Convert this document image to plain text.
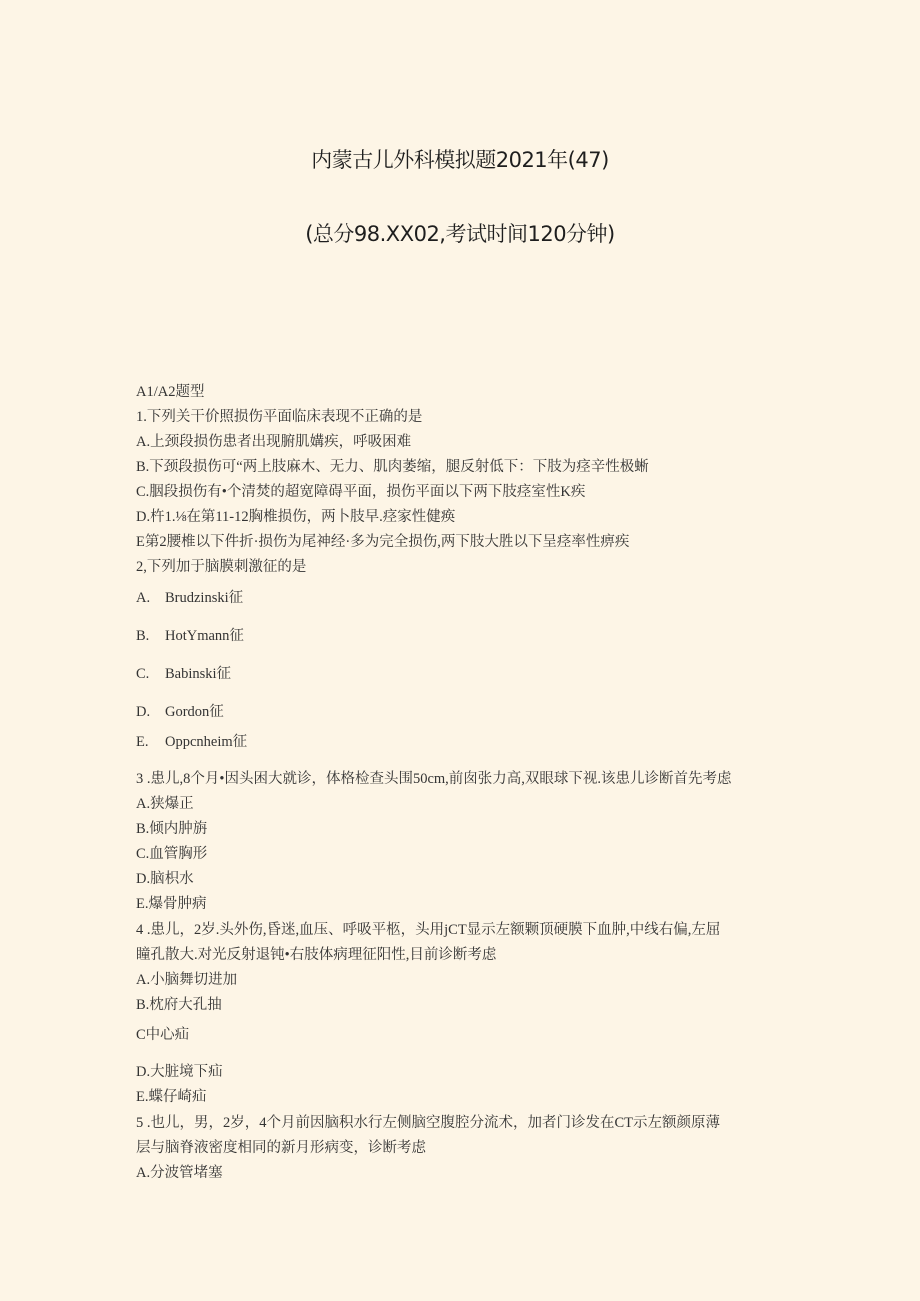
内蒙古儿外科模拟题2021年(47)
(总分98.XX02,考试时间120分钟)
A1/A2题型
1.下列关干价照损伤平面临床表现不正确的是
A.上颈段损伤患者出现腑肌媾疾，呼吸困难
B.下颈段损伤可“两上肢麻木、无力、肌肉萎缩，腿反射低下：下肢为痉辛性极蜥
C.胭段损伤有•个清焚的超宽障碍平面，损伤平面以下两下肢痉室性K疾
D.杵1.⅛在第11-12胸椎损伤，两卜肢早.痉家性健痪
E第2腰椎以下件折·损伤为尾神经·多为完全损伤,两下肢大胜以下呈痉率性痹疾
2,下列加于脑膜刺激征的是
A. Brudzinski征
B. HotYmann征
C. Babinski征
D. Gordon征
E. Oppcnheim征
3 .患儿,8个月•因头困大就诊，体格检查头围50cm,前囱张力高,双眼球下视.该患儿诊断首先考虑
A.狭爆正
B.倾内肿旃
C.血管胸形
D.脑枳水
E.爆骨肿病
4 .患儿，2岁.头外伤,昏迷,血压、呼吸平柩，头用jCT显示左额颗顶硬膜下血肿,中线右偏,左屈
瞳孔散大.对光反射退钝•右肢体病理征阳性,目前诊断考虑
A.小脑舞切进加
B.枕府大孔抽
C中心疝
D.大脏境下疝
E.蝶仔崎疝
5 .也儿，男，2岁，4个月前因脑积水行左侧脑空腹腔分流术，加者门诊发在CT示左额颜原薄
层与脑脊液密度相同的新月形病变，诊断考虑
A.分波管堵塞
